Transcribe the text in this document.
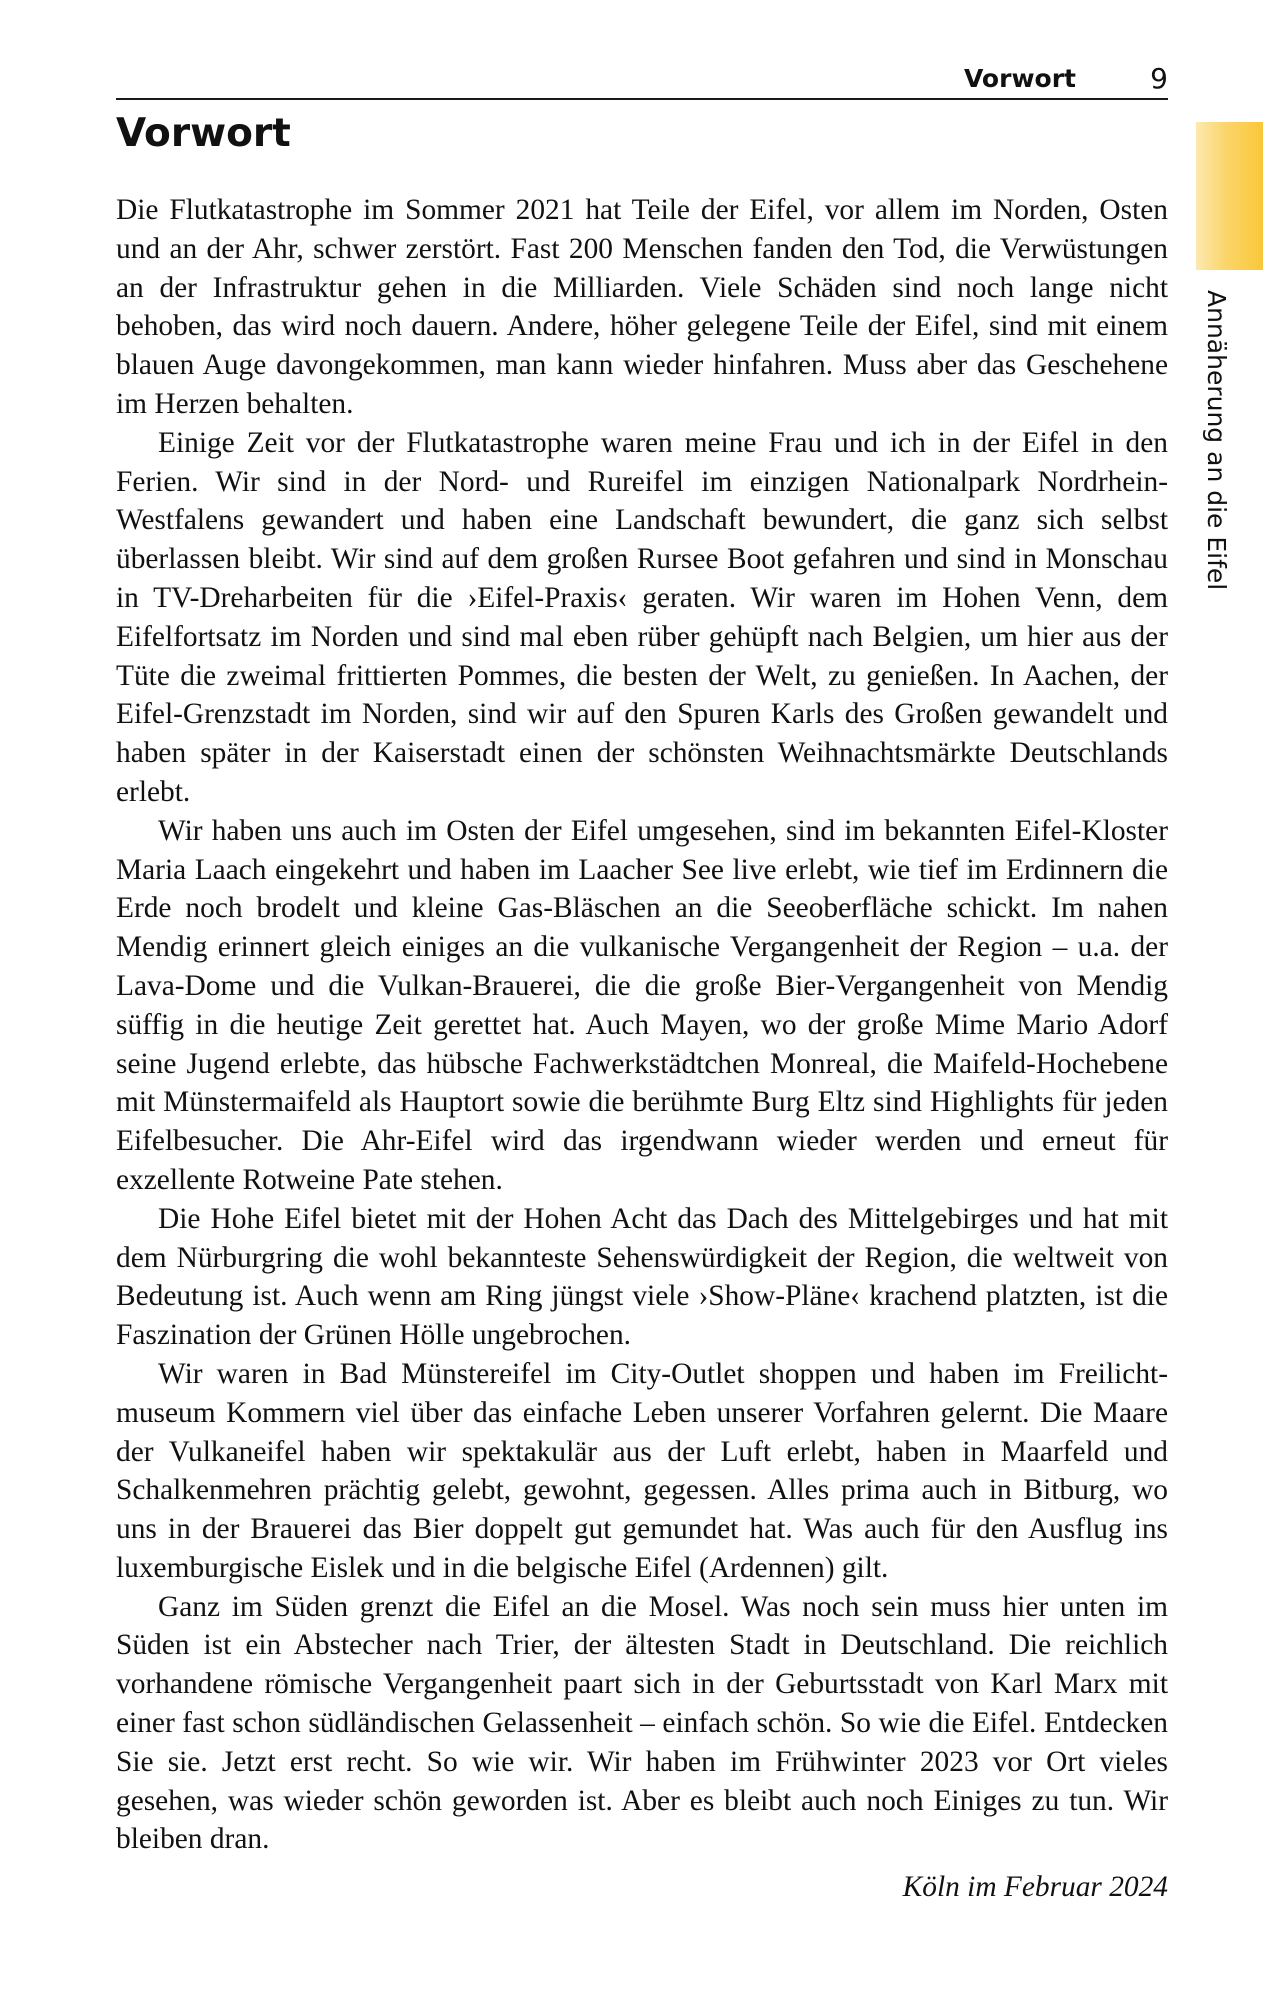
Vorwort	9
Vorwort
Annäherung an die Eifel

Die Flutkatastrophe im Sommer 2021 hat Teile der Eifel, vor allem im Norden, Osten und an der Ahr, schwer zerstört. Fast 200 Menschen fanden den Tod, die Verwüstungen an der Infrastruktur gehen in die Milliarden. Viele Schäden sind noch lange nicht behoben, das wird noch dauern. Andere, höher gelegene Teile der Eifel, sind mit einem blauen Auge davongekommen, man kann wieder hinfahren. Muss aber das Geschehene im Herzen behalten.

Einige Zeit vor der Flutkatastrophe waren meine Frau und ich in der Eifel in den Ferien. Wir sind in der Nord- und Rureifel im einzigen Nationalpark Nordrhein-Westfalens gewandert und haben eine Landschaft bewundert, die ganz sich selbst überlassen bleibt. Wir sind auf dem großen Rursee Boot gefahren und sind in Monschau in TV-Dreharbeiten für die ›Eifel-Praxis‹ geraten. Wir waren im Hohen Venn, dem Eifelfortsatz im Norden und sind mal eben rüber gehüpft nach Belgien, um hier aus der Tüte die zweimal frittierten Pommes, die besten der Welt, zu genießen. In Aachen, der Eifel-Grenzstadt im Norden, sind wir auf den Spuren Karls des Großen gewandelt und haben später in der Kaiserstadt einen der schönsten Weihnachtsmärkte Deutschlands erlebt.

Wir haben uns auch im Osten der Eifel umgesehen, sind im bekannten Eifel-Kloster Maria Laach eingekehrt und haben im Laacher See live erlebt, wie tief im Erdinnern die Erde noch brodelt und kleine Gas-Bläschen an die Seeoberfläche schickt. Im nahen Mendig erinnert gleich einiges an die vulkanische Vergangenheit der Region – u.a. der Lava-Dome und die Vulkan-Brauerei, die die große Bier-Vergangenheit von Mendig süffig in die heutige Zeit gerettet hat. Auch Mayen, wo der große Mime Mario Adorf seine Jugend erlebte, das hübsche Fachwerkstädtchen Monreal, die Maifeld-Hochebene mit Münstermaifeld als Hauptort sowie die berühmte Burg Eltz sind Highlights für jeden Eifelbesucher. Die Ahr-Eifel wird das irgendwann wieder werden und erneut für exzellente Rotweine Pate stehen.

Die Hohe Eifel bietet mit der Hohen Acht das Dach des Mittelgebirges und hat mit dem Nürburgring die wohl bekannteste Sehenswürdigkeit der Region, die weltweit von Bedeutung ist. Auch wenn am Ring jüngst viele ›Show-Pläne‹ krachend platzten, ist die Faszination der Grünen Hölle ungebrochen.

Wir waren in Bad Münstereifel im City-Outlet shoppen und haben im Freilichtmuseum Kommern viel über das einfache Leben unserer Vorfahren gelernt. Die Maare der Vulkaneifel haben wir spektakulär aus der Luft erlebt, haben in Maarfeld und Schalkenmehren prächtig gelebt, gewohnt, gegessen. Alles prima auch in Bitburg, wo uns in der Brauerei das Bier doppelt gut gemundet hat. Was auch für den Ausflug ins luxemburgische Eislek und in die belgische Eifel (Ardennen) gilt.

Ganz im Süden grenzt die Eifel an die Mosel. Was noch sein muss hier unten im Süden ist ein Abstecher nach Trier, der ältesten Stadt in Deutschland. Die reichlich vorhandene römische Vergangenheit paart sich in der Geburtsstadt von Karl Marx mit einer fast schon südländischen Gelassenheit – einfach schön. So wie die Eifel. Entdecken Sie sie. Jetzt erst recht. So wie wir. Wir haben im Frühwinter 2023 vor Ort vieles gesehen, was wieder schön geworden ist. Aber es bleibt auch noch Einiges zu tun. Wir bleiben dran.

Köln im Februar 2024
